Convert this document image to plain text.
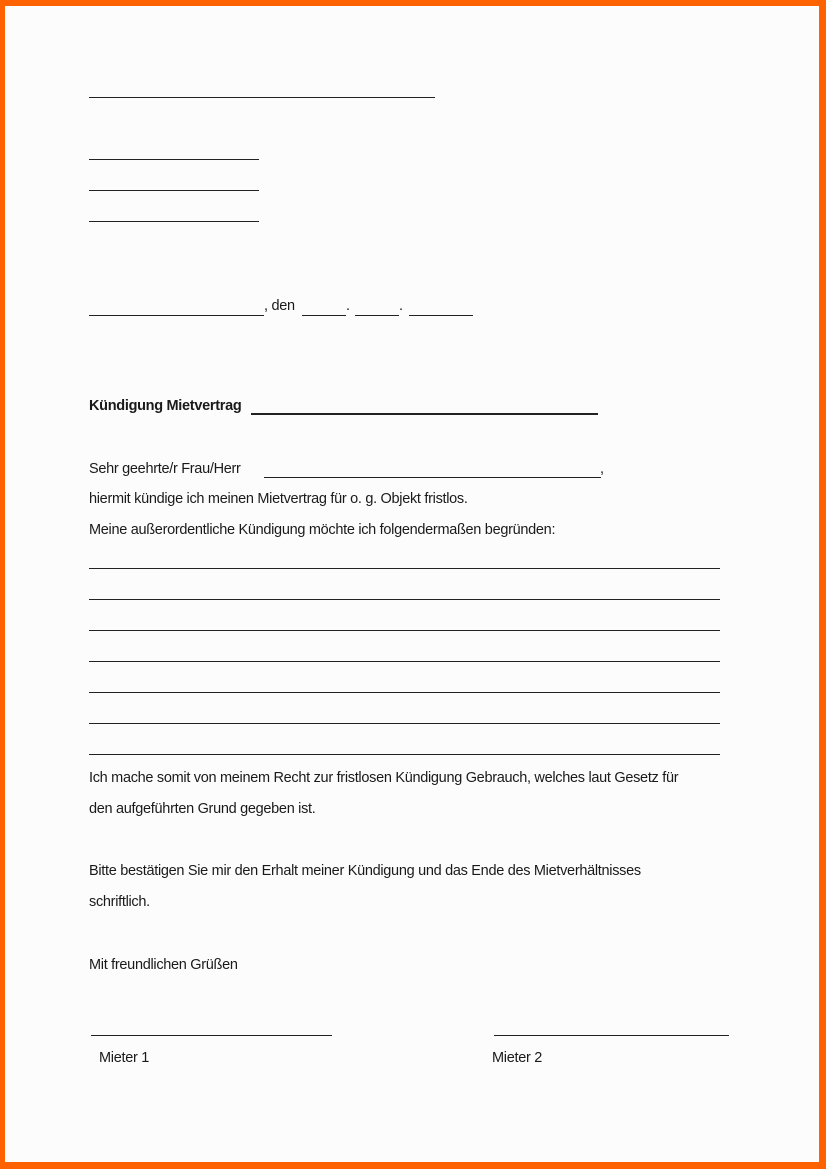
, den	.	.
Kündigung Mietvertrag
Sehr geehrte/r Frau/Herr	,
hiermit kündige ich meinen Mietvertrag für o. g. Objekt fristlos.
Meine außerordentliche Kündigung möchte ich folgendermaßen begründen:
Ich mache somit von meinem Recht zur fristlosen Kündigung Gebrauch, welches laut Gesetz für
den aufgeführten Grund gegeben ist.
Bitte bestätigen Sie mir den Erhalt meiner Kündigung und das Ende des Mietverhältnisses
schriftlich.
Mit freundlichen Grüßen
Mieter 1	Mieter 2
